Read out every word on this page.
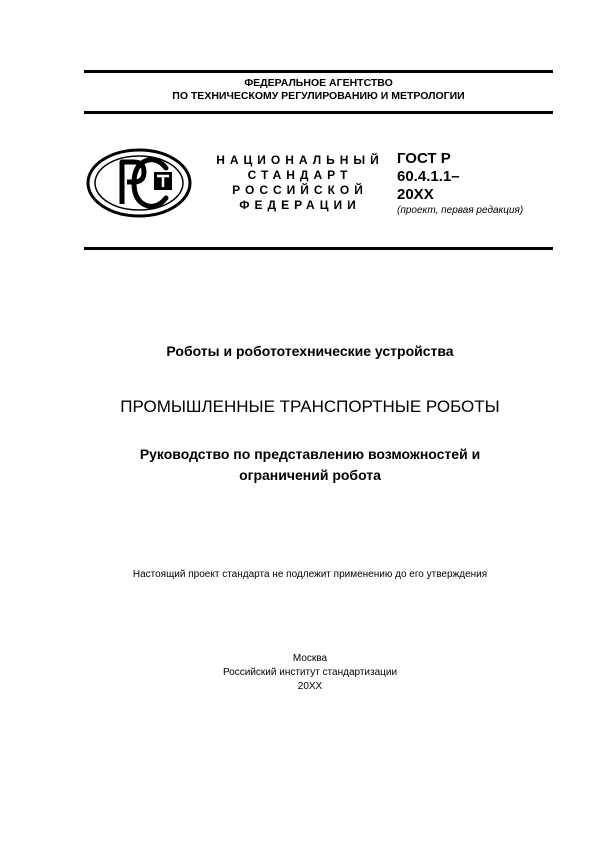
ФЕДЕРАЛЬНОЕ АГЕНТСТВО
ПО ТЕХНИЧЕСКОМУ РЕГУЛИРОВАНИЮ И МЕТРОЛОГИИ
НАЦИОНАЛЬНЫЙ
СТАНДАРТ
РОССИЙСКОЙ
ФЕДЕРАЦИИ
ГОСТ Р
60.4.1.1–
20ХХ
(проект, первая редакция)
Роботы и робототехнические устройства
ПРОМЫШЛЕННЫЕ ТРАНСПОРТНЫЕ РОБОТЫ
Руководство по представлению возможностей и
ограничений робота
Настоящий проект стандарта не подлежит применению до его утверждения
Москва
Российский институт стандартизации
20ХХ
